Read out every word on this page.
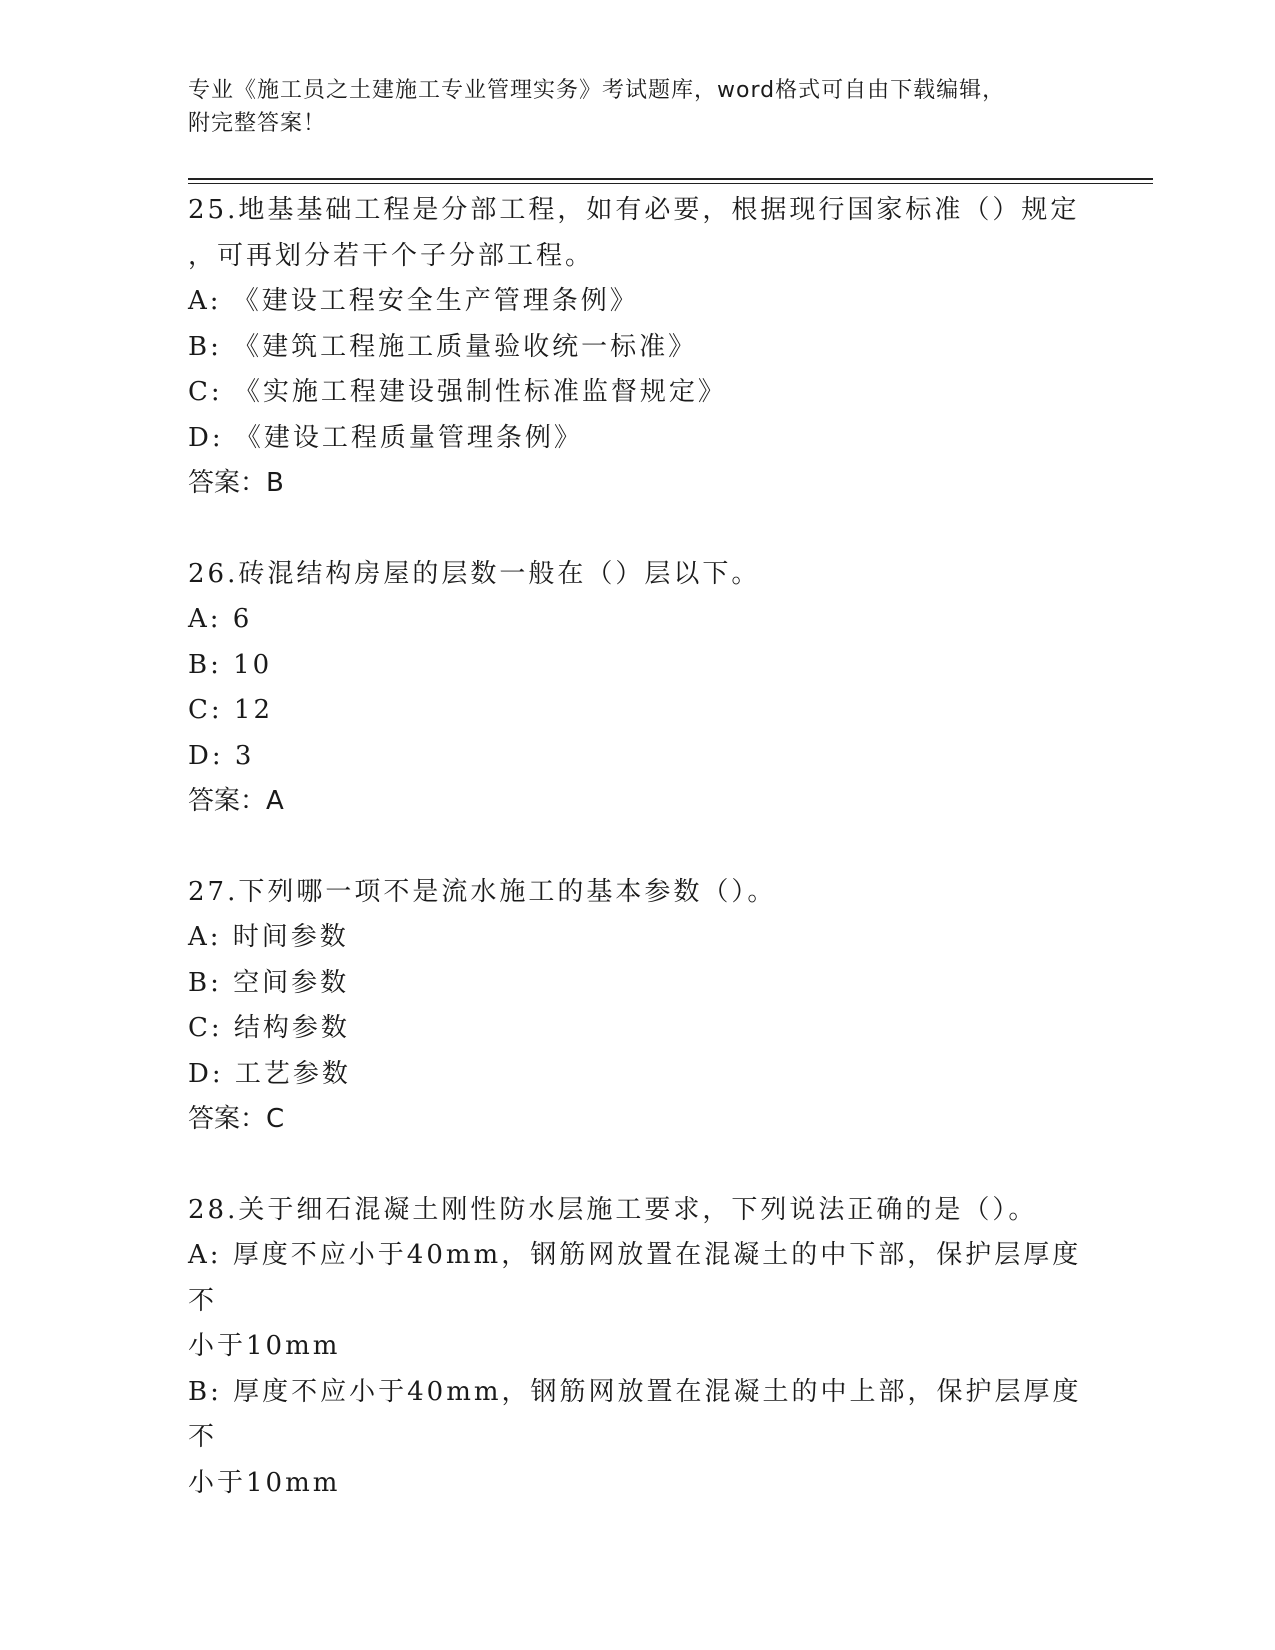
专业《施工员之土建施工专业管理实务》考试题库，word格式可自由下载编辑，
附完整答案！

25.地基基础工程是分部工程，如有必要，根据现行国家标准（）规定

，可再划分若干个子分部工程。

A: 《建设工程安全生产管理条例》

B: 《建筑工程施工质量验收统一标准》

C: 《实施工程建设强制性标准监督规定》

D: 《建设工程质量管理条例》

答案：B

26.砖混结构房屋的层数一般在（）层以下。

A: 6

B: 10

C: 12

D: 3

答案：A

27.下列哪一项不是流水施工的基本参数（）。

A: 时间参数

B: 空间参数

C: 结构参数

D: 工艺参数

答案：C

28.关于细石混凝土刚性防水层施工要求，下列说法正确的是（）。

A: 厚度不应小于40mm，钢筋网放置在混凝土的中下部，保护层厚度不
小于10mm

B: 厚度不应小于40mm，钢筋网放置在混凝土的中上部，保护层厚度不
小于10mm
